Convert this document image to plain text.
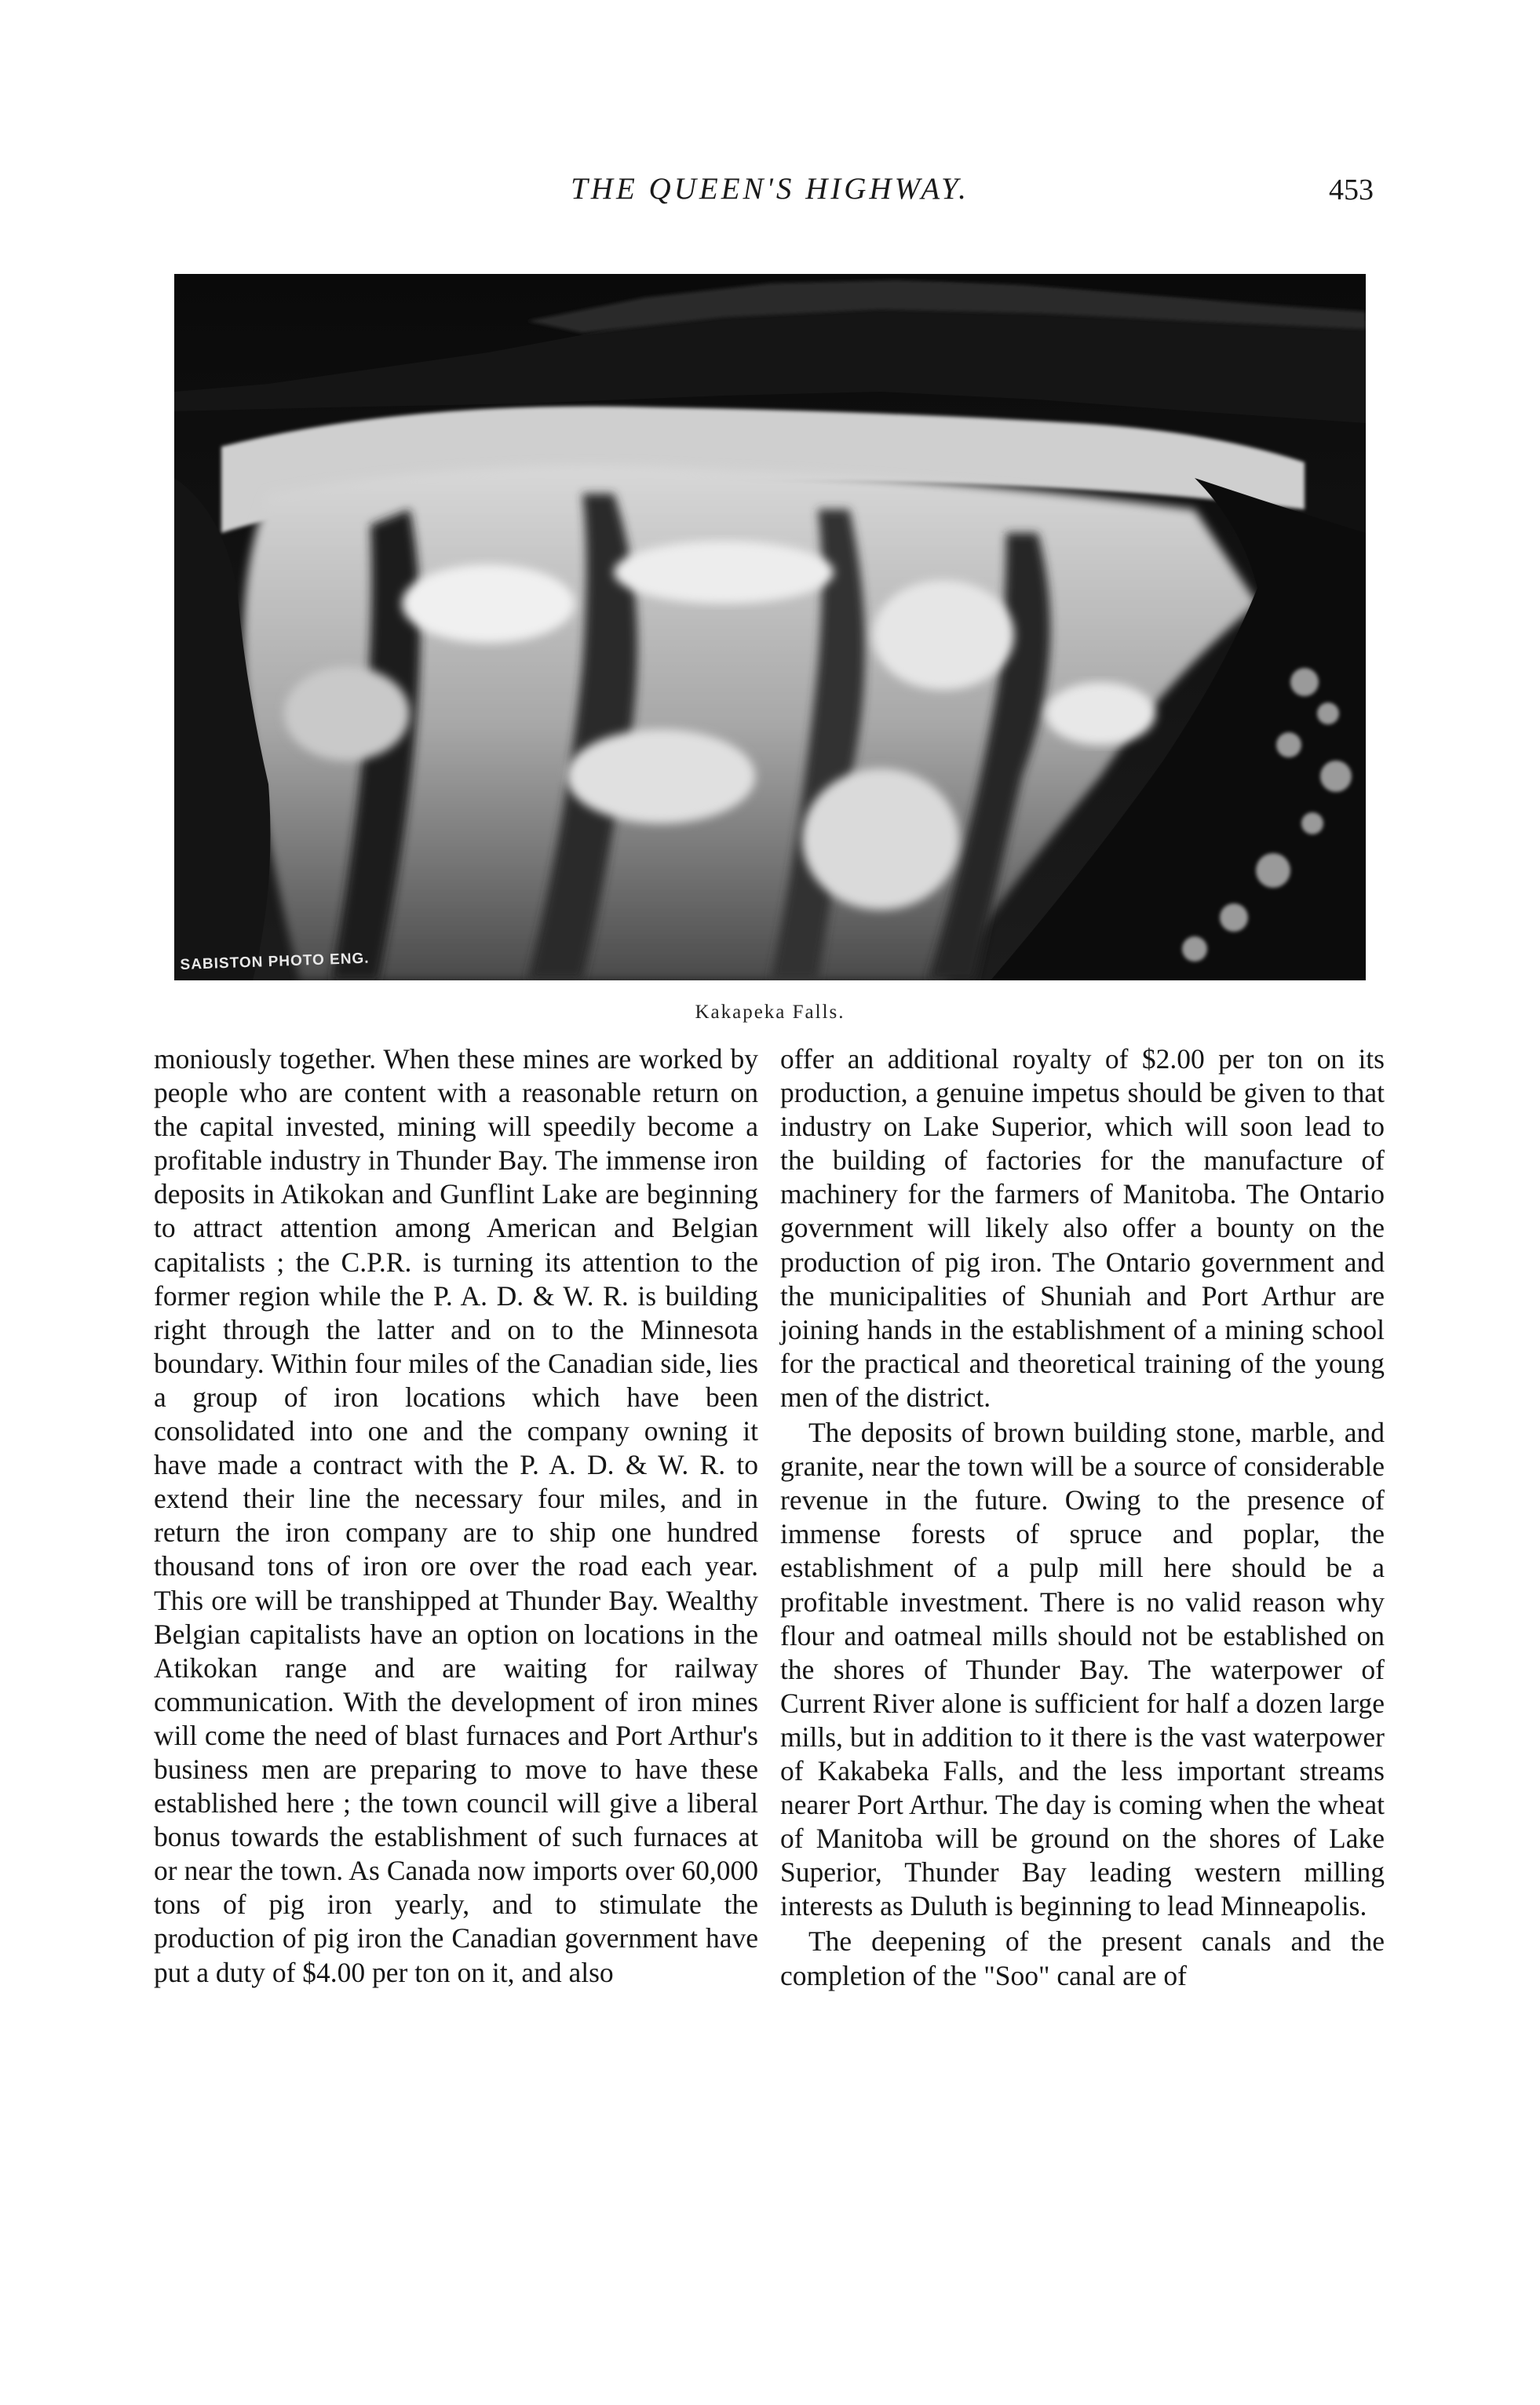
THE QUEEN'S HIGHWAY.	453
SABISTON PHOTO ENG.
Kakapeka Falls.

moniously together. When these mines are worked by people who are content with a reasonable return on the capital invested, mining will speedily become a profitable industry in Thunder Bay. The immense iron deposits in Atikokan and Gunflint Lake are beginning to attract attention among American and Belgian capitalists ; the C.P.R. is turning its attention to the former region while the P. A. D. & W. R. is building right through the latter and on to the Minnesota boundary. Within four miles of the Canadian side, lies a group of iron locations which have been consolidated into one and the company owning it have made a contract with the P. A. D. & W. R. to extend their line the necessary four miles, and in return the iron company are to ship one hundred thousand tons of iron ore over the road each year. This ore will be transhipped at Thunder Bay. Wealthy Belgian capitalists have an option on locations in the Atikokan range and are waiting for railway communication. With the development of iron mines will come the need of blast furnaces and Port Arthur's business men are preparing to move to have these established here ; the town council will give a liberal bonus towards the establishment of such furnaces at or near the town. As Canada now imports over 60,000 tons of pig iron yearly, and to stimulate the production of pig iron the Canadian government have put a duty of $4.00 per ton on it, and also

offer an additional royalty of $2.00 per ton on its production, a genuine impetus should be given to that industry on Lake Superior, which will soon lead to the building of factories for the manufacture of machinery for the farmers of Manitoba. The Ontario government will likely also offer a bounty on the production of pig iron. The Ontario government and the municipalities of Shuniah and Port Arthur are joining hands in the establishment of a mining school for the practical and theoretical training of the young men of the district.

The deposits of brown building stone, marble, and granite, near the town will be a source of considerable revenue in the future. Owing to the presence of immense forests of spruce and poplar, the establishment of a pulp mill here should be a profitable investment. There is no valid reason why flour and oatmeal mills should not be established on the shores of Thunder Bay. The waterpower of Current River alone is sufficient for half a dozen large mills, but in addition to it there is the vast waterpower of Kakabeka Falls, and the less important streams nearer Port Arthur. The day is coming when the wheat of Manitoba will be ground on the shores of Lake Superior, Thunder Bay leading western milling interests as Duluth is beginning to lead Minneapolis.

The deepening of the present canals and the completion of the "Soo" canal are of
